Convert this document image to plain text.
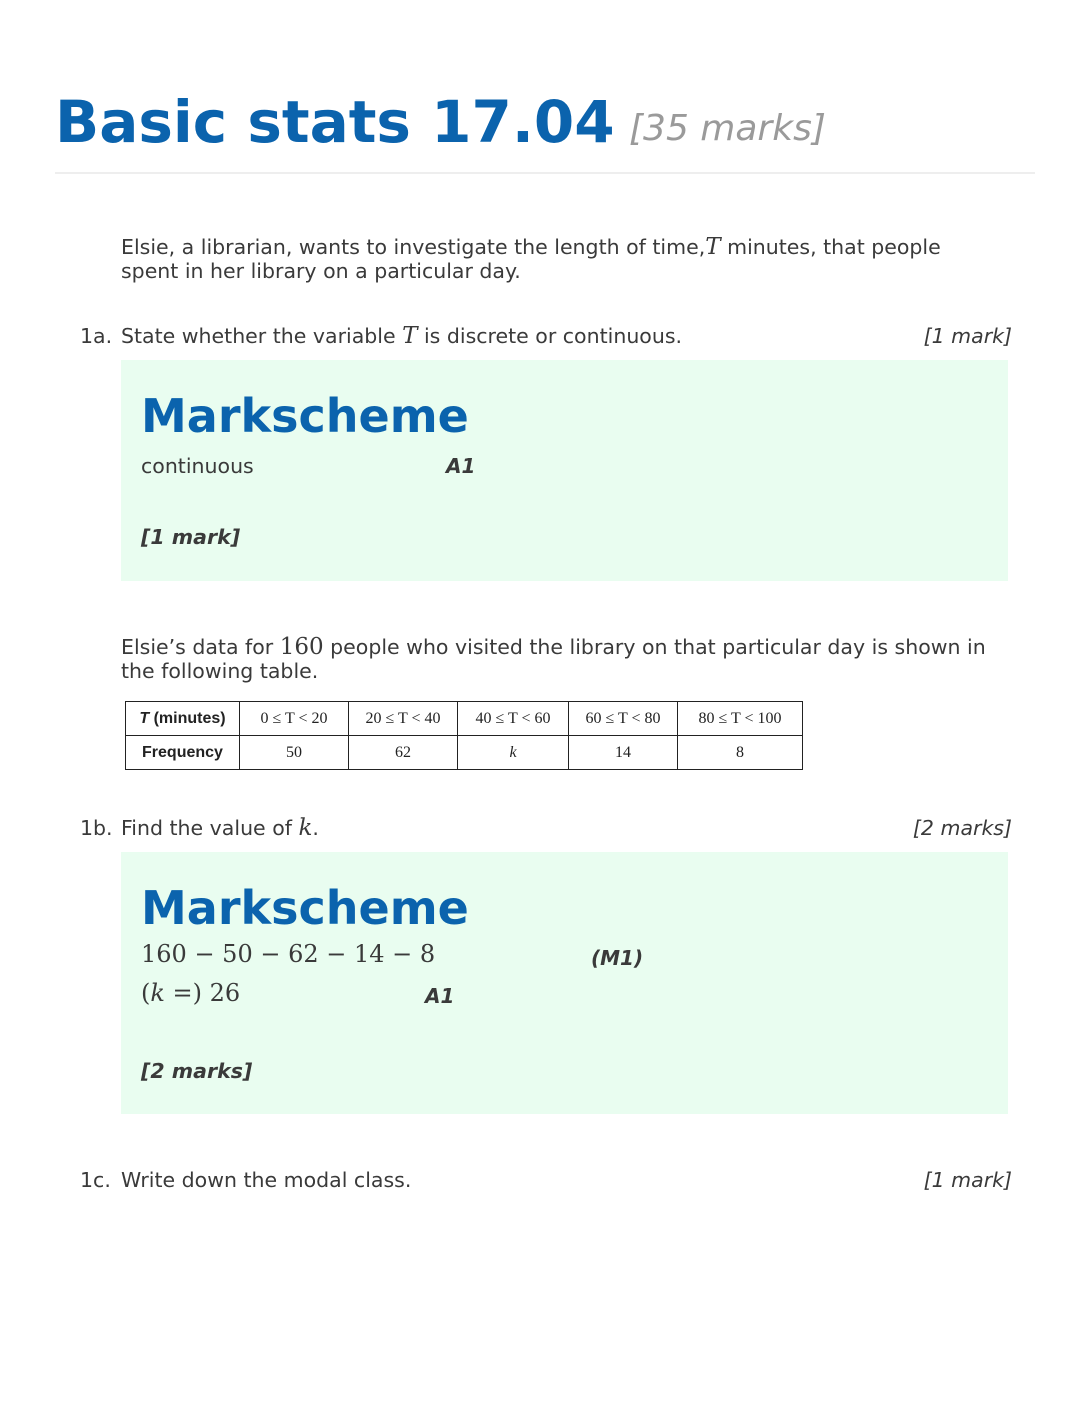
Basic stats 17.04 [35 marks]
Elsie, a librarian, wants to investigate the length of time,T minutes, that people spent in her library on a particular day.
1a. State whether the variable T is discrete or continuous.	[1 mark]
Markscheme
continuous	A1
[1 mark]
Elsie’s data for 160 people who visited the library on that particular day is shown in the following table.
T (minutes)	0 ≤ T < 20	20 ≤ T < 40	40 ≤ T < 60	60 ≤ T < 80	80 ≤ T < 100
Frequency	50	62	k	14	8
1b. Find the value of k.	[2 marks]
Markscheme
160 − 50 − 62 − 14 − 8	(M1)
(k =) 26	A1
[2 marks]
1c. Write down the modal class.	[1 mark]
